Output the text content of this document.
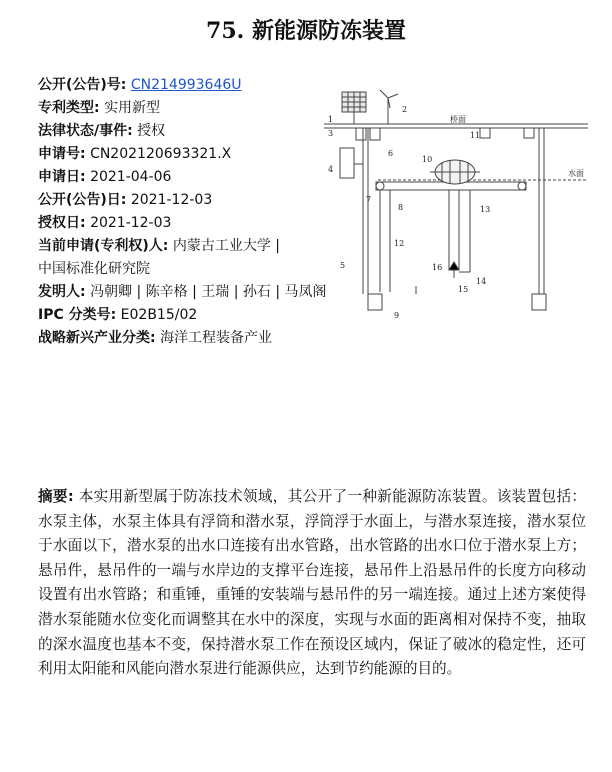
75. 新能源防冻装置
公开(公告)号: CN214993646U
专利类型: 实用新型
法律状态/事件: 授权
申请号: CN202120693321.X
申请日: 2021-04-06
公开(公告)日: 2021-12-03
授权日: 2021-12-03
当前申请(专利权)人: 内蒙古工业大学 |
中国标准化研究院
发明人: 冯朝卿 | 陈辛格 | 王瑞 | 孙石 | 马凤阁
IPC 分类号: E02B15/02
战略新兴产业分类: 海洋工程装备产业
桥面
水面
1
2
3
4
5
6
7
8
9
10
11
12
13
14
15
16
摘要: 本实用新型属于防冻技术领域，其公开了一种新能源防冻装置。该装置包括：水泵主体，水泵主体具有浮筒和潜水泵，浮筒浮于水面上，与潜水泵连接，潜水泵位于水面以下，潜水泵的出水口连接有出水管路，出水管路的出水口位于潜水泵上方；悬吊件，悬吊件的一端与水岸边的支撑平台连接，悬吊件上沿悬吊件的长度方向移动设置有出水管路；和重锤，重锤的安装端与悬吊件的另一端连接。通过上述方案使得潜水泵能随水位变化而调整其在水中的深度，实现与水面的距离相对保持不变，抽取的深水温度也基本不变，保持潜水泵工作在预设区域内，保证了破冰的稳定性，还可利用太阳能和风能向潜水泵进行能源供应，达到节约能源的目的。
